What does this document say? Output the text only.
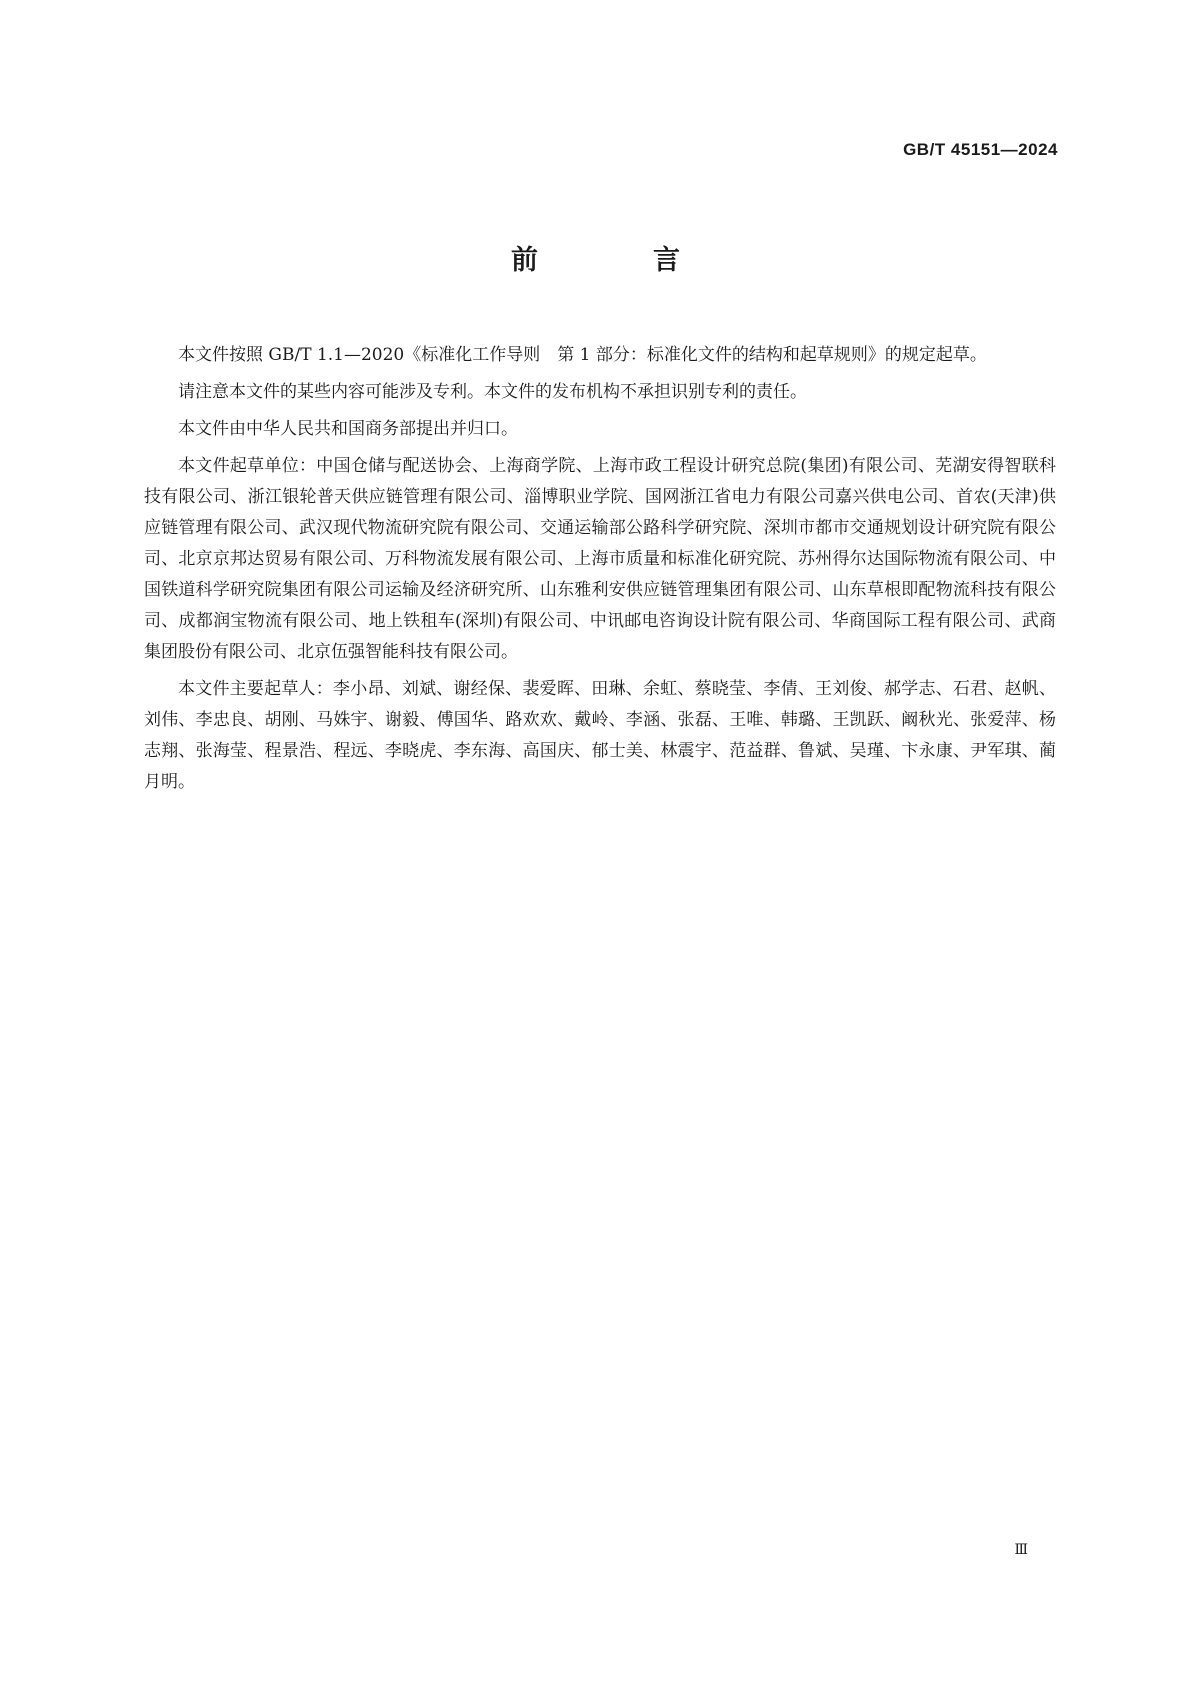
GB/T 45151—2024
前　言

本文件按照 GB/T 1.1—2020《标准化工作导则　第 1 部分：标准化文件的结构和起草规则》的规定起草。

请注意本文件的某些内容可能涉及专利。本文件的发布机构不承担识别专利的责任。

本文件由中华人民共和国商务部提出并归口。

本文件起草单位：中国仓储与配送协会、上海商学院、上海市政工程设计研究总院(集团)有限公司、芜湖安得智联科技有限公司、浙江银轮普天供应链管理有限公司、淄博职业学院、国网浙江省电力有限公司嘉兴供电公司、首农(天津)供应链管理有限公司、武汉现代物流研究院有限公司、交通运输部公路科学研究院、深圳市都市交通规划设计研究院有限公司、北京京邦达贸易有限公司、万科物流发展有限公司、上海市质量和标准化研究院、苏州得尔达国际物流有限公司、中国铁道科学研究院集团有限公司运输及经济研究所、山东雅利安供应链管理集团有限公司、山东草根即配物流科技有限公司、成都润宝物流有限公司、地上铁租车(深圳)有限公司、中讯邮电咨询设计院有限公司、华商国际工程有限公司、武商集团股份有限公司、北京伍强智能科技有限公司。

本文件主要起草人：李小昂、刘斌、谢经保、裴爱晖、田琳、余虹、蔡晓莹、李倩、王刘俊、郝学志、石君、赵帆、刘伟、李忠良、胡刚、马姝宇、谢毅、傅国华、路欢欢、戴岭、李涵、张磊、王唯、韩璐、王凯跃、阚秋光、张爱萍、杨志翔、张海莹、程景浩、程远、李晓虎、李东海、高国庆、郁士美、林震宇、范益群、鲁斌、吴瑾、卞永康、尹军琪、蔺月明。

Ⅲ
